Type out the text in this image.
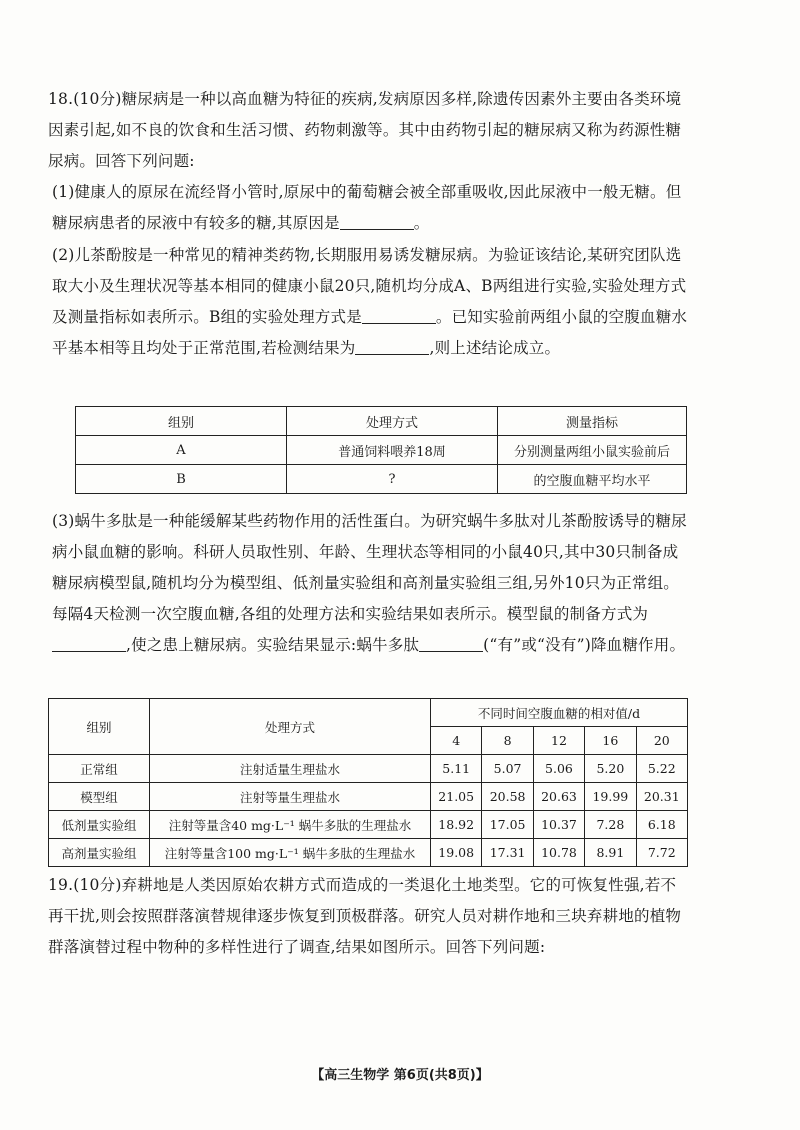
18.(10分)糖尿病是一种以高血糖为特征的疾病,发病原因多样,除遗传因素外主要由各类环境因素引起,如不良的饮食和生活习惯、药物刺激等。其中由药物引起的糖尿病又称为药源性糖尿病。回答下列问题:
(1)健康人的原尿在流经肾小管时,原尿中的葡萄糖会被全部重吸收,因此尿液中一般无糖。但糖尿病患者的尿液中有较多的糖,其原因是	。
(2)儿茶酚胺是一种常见的精神类药物,长期服用易诱发糖尿病。为验证该结论,某研究团队选取大小及生理状况等基本相同的健康小鼠20只,随机均分成A、B两组进行实验,实验处理方式及测量指标如表所示。B组的实验处理方式是	。已知实验前两组小鼠的空腹血糖水平基本相等且均处于正常范围,若检测结果为	,则上述结论成立。
组别	处理方式	测量指标
A	普通饲料喂养18周	分别测量两组小鼠实验前后
B	?	的空腹血糖平均水平
(3)蜗牛多肽是一种能缓解某些药物作用的活性蛋白。为研究蜗牛多肽对儿茶酚胺诱导的糖尿病小鼠血糖的影响。科研人员取性别、年龄、生理状态等相同的小鼠40只,其中30只制备成糖尿病模型鼠,随机均分为模型组、低剂量实验组和高剂量实验组三组,另外10只为正常组。每隔4天检测一次空腹血糖,各组的处理方法和实验结果如表所示。模型鼠的制备方式为,使之患上糖尿病。实验结果显示:蜗牛多肽	(“有”或“没有”)降血糖作用。
组别	处理方式	不同时间空腹血糖的相对值/d				
		4	8	12	16	20
正常组	注射适量生理盐水	5.11	5.07	5.06	5.20	5.22
模型组	注射等量生理盐水	21.05	20.58	20.63	19.99	20.31
低剂量实验组	注射等量含40 mg·L⁻¹ 蜗牛多肽的生理盐水	18.92	17.05	10.37	7.28	6.18
高剂量实验组	注射等量含100 mg·L⁻¹ 蜗牛多肽的生理盐水	19.08	17.31	10.78	8.91	7.72
19.(10分)弃耕地是人类因原始农耕方式而造成的一类退化土地类型。它的可恢复性强,若不再干扰,则会按照群落演替规律逐步恢复到顶极群落。研究人员对耕作地和三块弃耕地的植物群落演替过程中物种的多样性进行了调查,结果如图所示。回答下列问题:
【高三生物学 第6页(共8页)】
